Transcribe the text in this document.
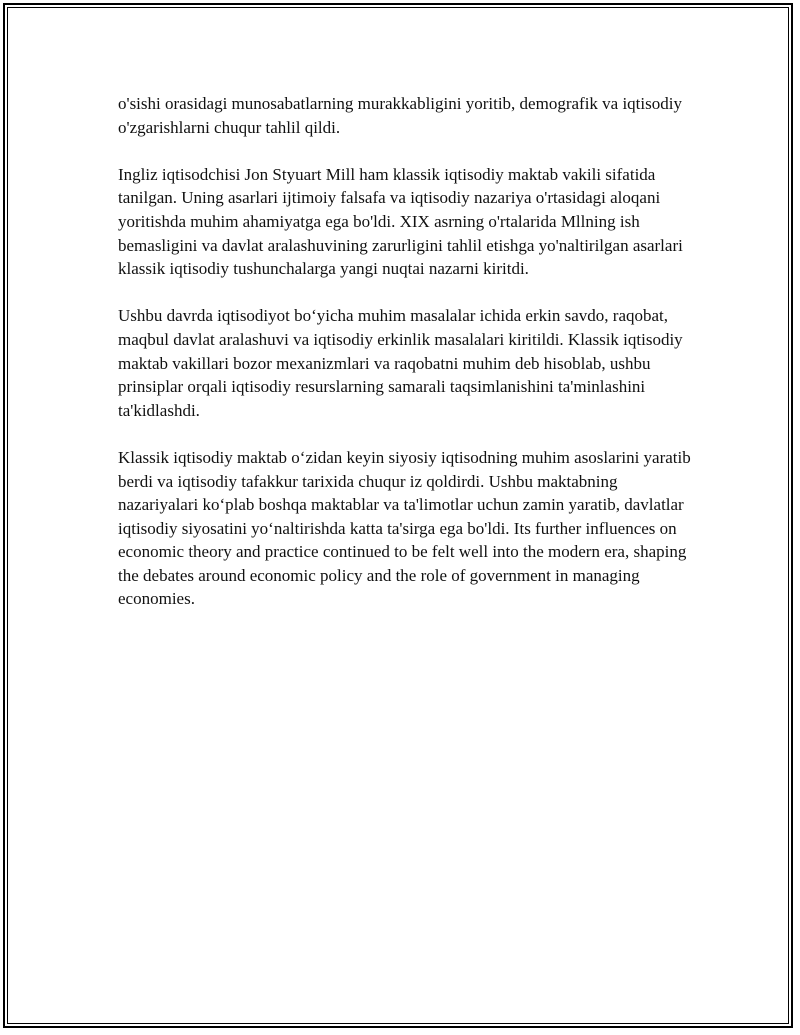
o'sishi orasidagi munosabatlarning murakkabligini yoritib, demografik va iqtisodiy o'zgarishlarni chuqur tahlil qildi.

Ingliz iqtisodchisi Jon Styuart Mill ham klassik iqtisodiy maktab vakili sifatida tanilgan. Uning asarlari ijtimoiy falsafa va iqtisodiy nazariya o'rtasidagi aloqani yoritishda muhim ahamiyatga ega bo'ldi. XIX asrning o'rtalarida Mllning ish bemasligini va davlat aralashuvining zarurligini tahlil etishga yo'naltirilgan asarlari klassik iqtisodiy tushunchalarga yangi nuqtai nazarni kiritdi.

Ushbu davrda iqtisodiyot bo‘yicha muhim masalalar ichida erkin savdo, raqobat, maqbul davlat aralashuvi va iqtisodiy erkinlik masalalari kiritildi. Klassik iqtisodiy maktab vakillari bozor mexanizmlari va raqobatni muhim deb hisoblab, ushbu prinsiplar orqali iqtisodiy resurslarning samarali taqsimlanishini ta'minlashini ta'kidlashdi.

Klassik iqtisodiy maktab o‘zidan keyin siyosiy iqtisodning muhim asoslarini yaratib berdi va iqtisodiy tafakkur tarixida chuqur iz qoldirdi. Ushbu maktabning nazariyalari ko‘plab boshqa maktablar va ta'limotlar uchun zamin yaratib, davlatlar iqtisodiy siyosatini yo‘naltirishda katta ta'sirga ega bo'ldi. Its further influences on economic theory and practice continued to be felt well into the modern era, shaping the debates around economic policy and the role of government in managing economies.
